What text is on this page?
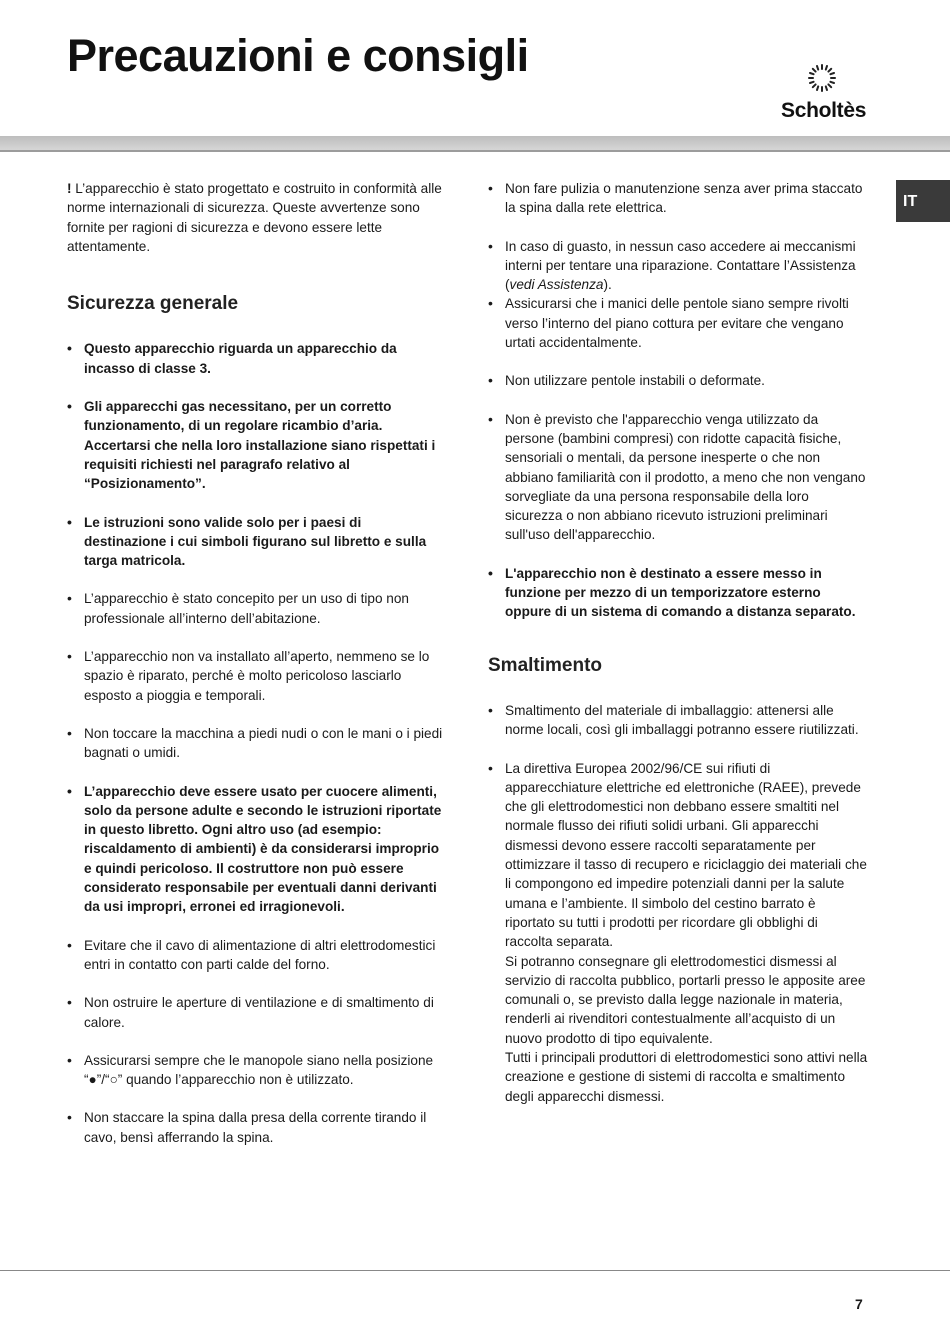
Precauzioni e consigli
Scholtès
IT

! L’apparecchio è stato progettato e costruito in conformità alle norme internazionali di sicurezza. Queste avvertenze sono fornite per ragioni di sicurezza e devono essere lette attentamente.

Sicurezza generale
• Questo apparecchio riguarda un apparecchio da incasso di classe 3.
• Gli apparecchi gas necessitano, per un corretto funzionamento, di un regolare ricambio d’aria. Accertarsi che nella loro installazione siano rispettati i requisiti richiesti nel paragrafo relativo al “Posizionamento”.
• Le istruzioni sono valide solo per i paesi di destinazione i cui simboli figurano sul libretto e sulla targa matricola.
• L’apparecchio è stato concepito per un uso di tipo non professionale all’interno dell’abitazione.
• L’apparecchio non va installato all’aperto, nemmeno se lo spazio è riparato, perché è molto pericoloso lasciarlo esposto a pioggia e temporali.
• Non toccare la macchina a piedi nudi o con le mani o i piedi bagnati o umidi.
• L’apparecchio deve essere usato per cuocere alimenti, solo da persone adulte e secondo le istruzioni riportate in questo libretto. Ogni altro uso (ad esempio: riscaldamento di ambienti) è da considerarsi improprio e quindi pericoloso. Il costruttore non può essere considerato responsabile per eventuali danni derivanti da usi impropri, erronei ed irragionevoli.
• Evitare che il cavo di alimentazione di altri elettrodomestici entri in contatto con parti calde del forno.
• Non ostruire le aperture di ventilazione e di smaltimento di calore.
• Assicurarsi sempre che le manopole siano nella posizione “●”/“○” quando l’apparecchio non è utilizzato.
• Non staccare la spina dalla presa della corrente tirando il cavo, bensì afferrando la spina.
• Non fare pulizia o manutenzione senza aver prima staccato la spina dalla rete elettrica.
• In caso di guasto, in nessun caso accedere ai meccanismi interni per tentare una riparazione. Contattare l’Assistenza (vedi Assistenza).
• Assicurarsi che i manici delle pentole siano sempre rivolti verso l’interno del piano cottura per evitare che vengano urtati accidentalmente.
• Non utilizzare pentole instabili o deformate.
• Non è previsto che l'apparecchio venga utilizzato da persone (bambini compresi) con ridotte capacità fisiche, sensoriali o mentali, da persone inesperte o che non abbiano familiarità con il prodotto, a meno che non vengano sorvegliate da una persona responsabile della loro sicurezza o non abbiano ricevuto istruzioni preliminari sull'uso dell'apparecchio.
• L'apparecchio non è destinato a essere messo in funzione per mezzo di un temporizzatore esterno oppure di un sistema di comando a distanza separato.
Smaltimento
• Smaltimento del materiale di imballaggio: attenersi alle norme locali, così gli imballaggi potranno essere riutilizzati.
• La direttiva Europea 2002/96/CE sui rifiuti di apparecchiature elettriche ed elettroniche (RAEE), prevede che gli elettrodomestici non debbano essere smaltiti nel normale flusso dei rifiuti solidi urbani. Gli apparecchi dismessi devono essere raccolti separatamente per ottimizzare il tasso di recupero e riciclaggio dei materiali che li compongono ed impedire potenziali danni per la salute umana e l’ambiente. Il simbolo del cestino barrato è riportato su tutti i prodotti per ricordare gli obblighi di raccolta separata.
Si potranno consegnare gli elettrodomestici dismessi al servizio di raccolta pubblico, portarli presso le apposite aree comunali o, se previsto dalla legge nazionale in materia, renderli ai rivenditori contestualmente all’acquisto di un nuovo prodotto di tipo equivalente.
Tutti i principali produttori di elettrodomestici sono attivi nella creazione e gestione di sistemi di raccolta e smaltimento degli apparecchi dismessi.
7
